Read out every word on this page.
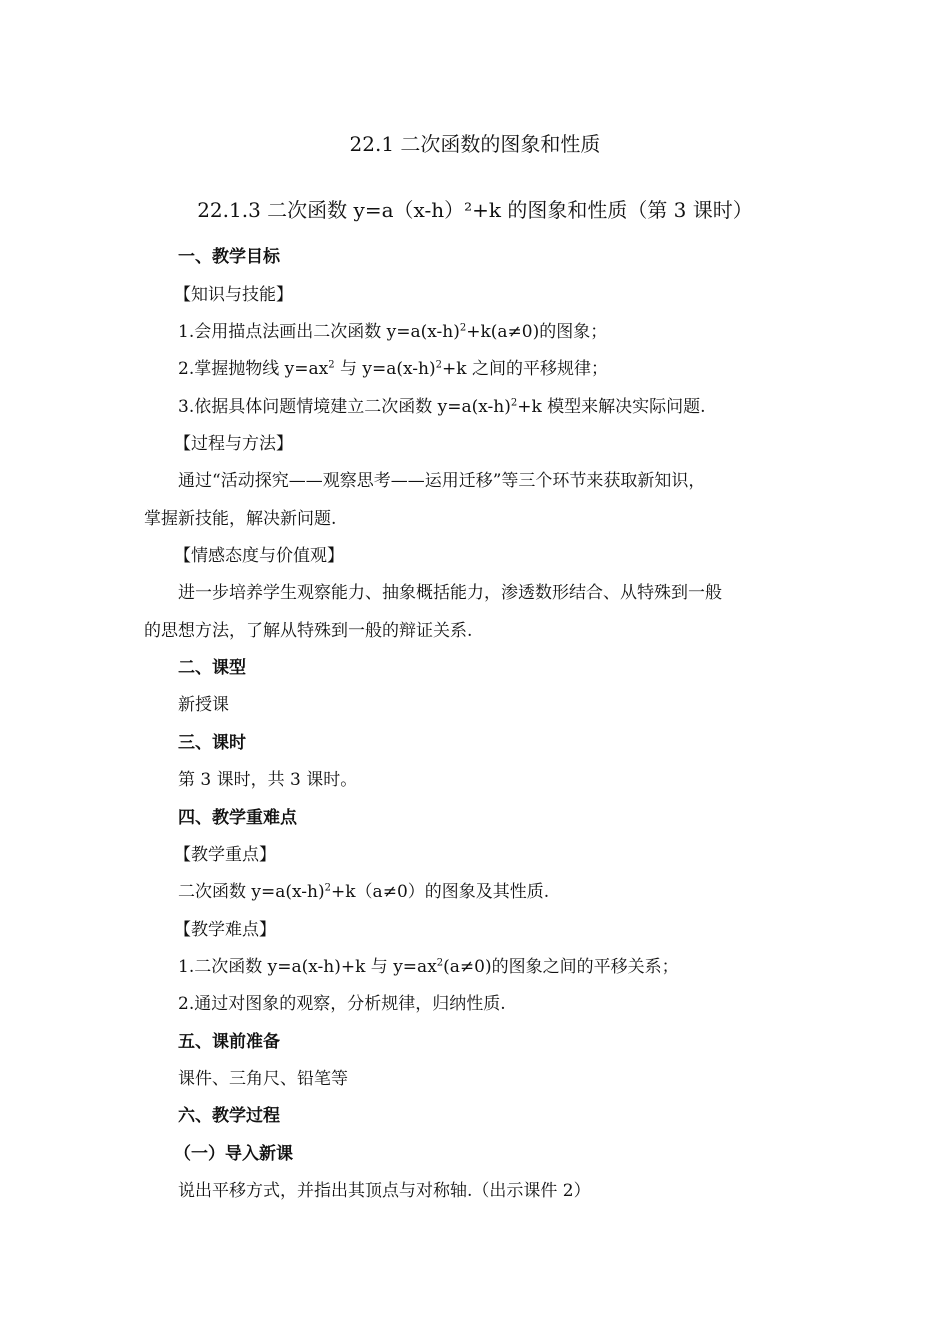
22.1 二次函数的图象和性质
22.1.3 二次函数 y=a（x-h）²+k 的图象和性质（第 3 课时）
一、教学目标
【知识与技能】
1.会用描点法画出二次函数 $y=a(x-h)^2+k(a\ne 0)$的图象；
2.掌握抛物线 $y=ax^2$ 与 $y=a(x-h)^2+k$ 之间的平移规律；
3.依据具体问题情境建立二次函数 $y=a(x-h)^2+k$ 模型来解决实际问题.
【过程与方法】
通过“活动探究——观察思考——运用迁移”等三个环节来获取新知识，
掌握新技能，解决新问题.
【情感态度与价值观】
进一步培养学生观察能力、抽象概括能力，渗透数形结合、从特殊到一般
的思想方法，了解从特殊到一般的辩证关系.
二、课型
新授课
三、课时
第 3 课时，共 3 课时。
四、教学重难点
【教学重点】
二次函数 $y=a(x-h)^2+k(a\ne 0)$的图象及其性质.
【教学难点】
1.二次函数 y=a(x-h)+k 与 $y=ax^2(a\ne 0)$的图象之间的平移关系；
2.通过对图象的观察，分析规律，归纳性质.
五、课前准备
课件、三角尺、铅笔等
六、教学过程
（一）导入新课
说出平移方式，并指出其顶点与对称轴.（出示课件 2）
